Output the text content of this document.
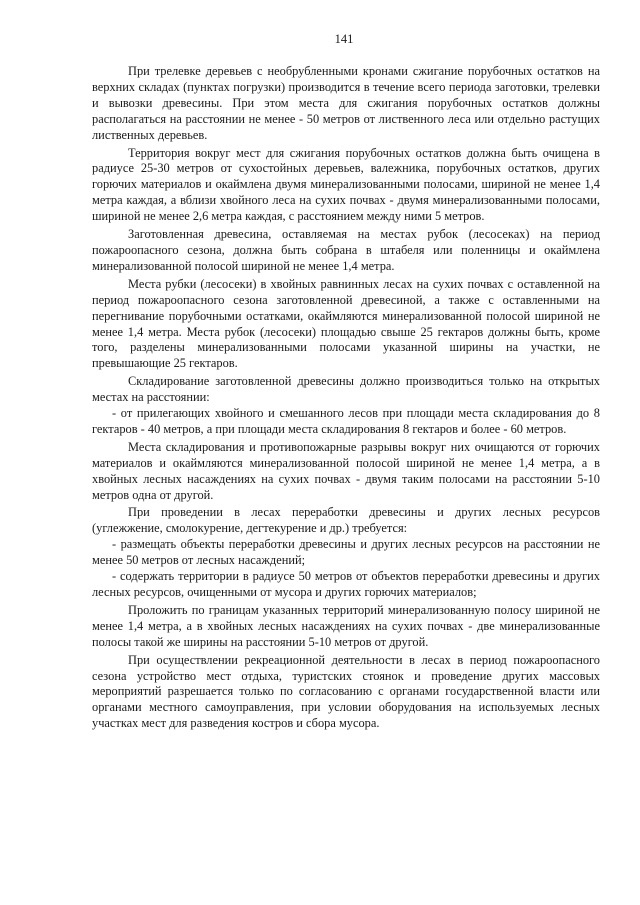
141

При трелевке деревьев с необрубленными кронами сжигание порубочных остатков на верхних складах (пунктах погрузки) производится в течение всего периода заготовки, трелевки и вывозки древесины. При этом места для сжигания порубочных остатков должны располагаться на расстоянии не менее - 50 метров от лиственного леса или отдельно растущих лиственных деревьев.

Территория вокруг мест для сжигания порубочных остатков должна быть очищена в радиусе 25-30 метров от сухостойных деревьев, валежника, порубочных остатков, других горючих материалов и окаймлена двумя минерализованными полосами, шириной не менее 1,4 метра каждая, а вблизи хвойного леса на сухих почвах - двумя минерализованными полосами, шириной не менее 2,6 метра каждая, с расстоянием между ними 5 метров.

Заготовленная древесина, оставляемая на местах рубок (лесосеках) на период пожароопасного сезона, должна быть собрана в штабеля или поленницы и окаймлена минерализованной полосой шириной не менее 1,4 метра.

Места рубки (лесосеки) в хвойных равнинных лесах на сухих почвах с оставленной на период пожароопасного сезона заготовленной древесиной, а также с оставленными на перегнивание порубочными остатками, окаймляются минерализованной полосой шириной не менее 1,4 метра. Места рубок (лесосеки) площадью свыше 25 гектаров должны быть, кроме того, разделены минерализованными полосами указанной ширины на участки, не превышающие 25 гектаров.

Складирование заготовленной древесины должно производиться только на открытых местах на расстоянии:

- от прилегающих хвойного и смешанного лесов при площади места складирования до 8 гектаров - 40 метров, а при площади места складирования 8 гектаров и более - 60 метров.

Места складирования и противопожарные разрывы вокруг них очищаются от горючих материалов и окаймляются минерализованной полосой шириной не менее 1,4 метра, а в хвойных лесных насаждениях на сухих почвах - двумя таким полосами на расстоянии 5-10 метров одна от другой.

При проведении в лесах переработки древесины и других лесных ресурсов (углежжение, смолокурение, дегтекурение и др.) требуется:

- размещать объекты переработки древесины и других лесных ресурсов на расстоянии не менее 50 метров от лесных насаждений;

- содержать территории в радиусе 50 метров от объектов переработки древесины и других лесных ресурсов, очищенными от мусора и других горючих материалов;

Проложить по границам указанных территорий минерализованную полосу шириной не менее 1,4 метра, а в хвойных лесных насаждениях на сухих почвах - две минерализованные полосы такой же ширины на расстоянии 5-10 метров от другой.

При осуществлении рекреационной деятельности в лесах в период пожароопасного сезона устройство мест отдыха, туристских стоянок и проведение других массовых мероприятий разрешается только по согласованию с органами государственной власти или органами местного самоуправления, при условии оборудования на используемых лесных участках мест для разведения костров и сбора мусора.
